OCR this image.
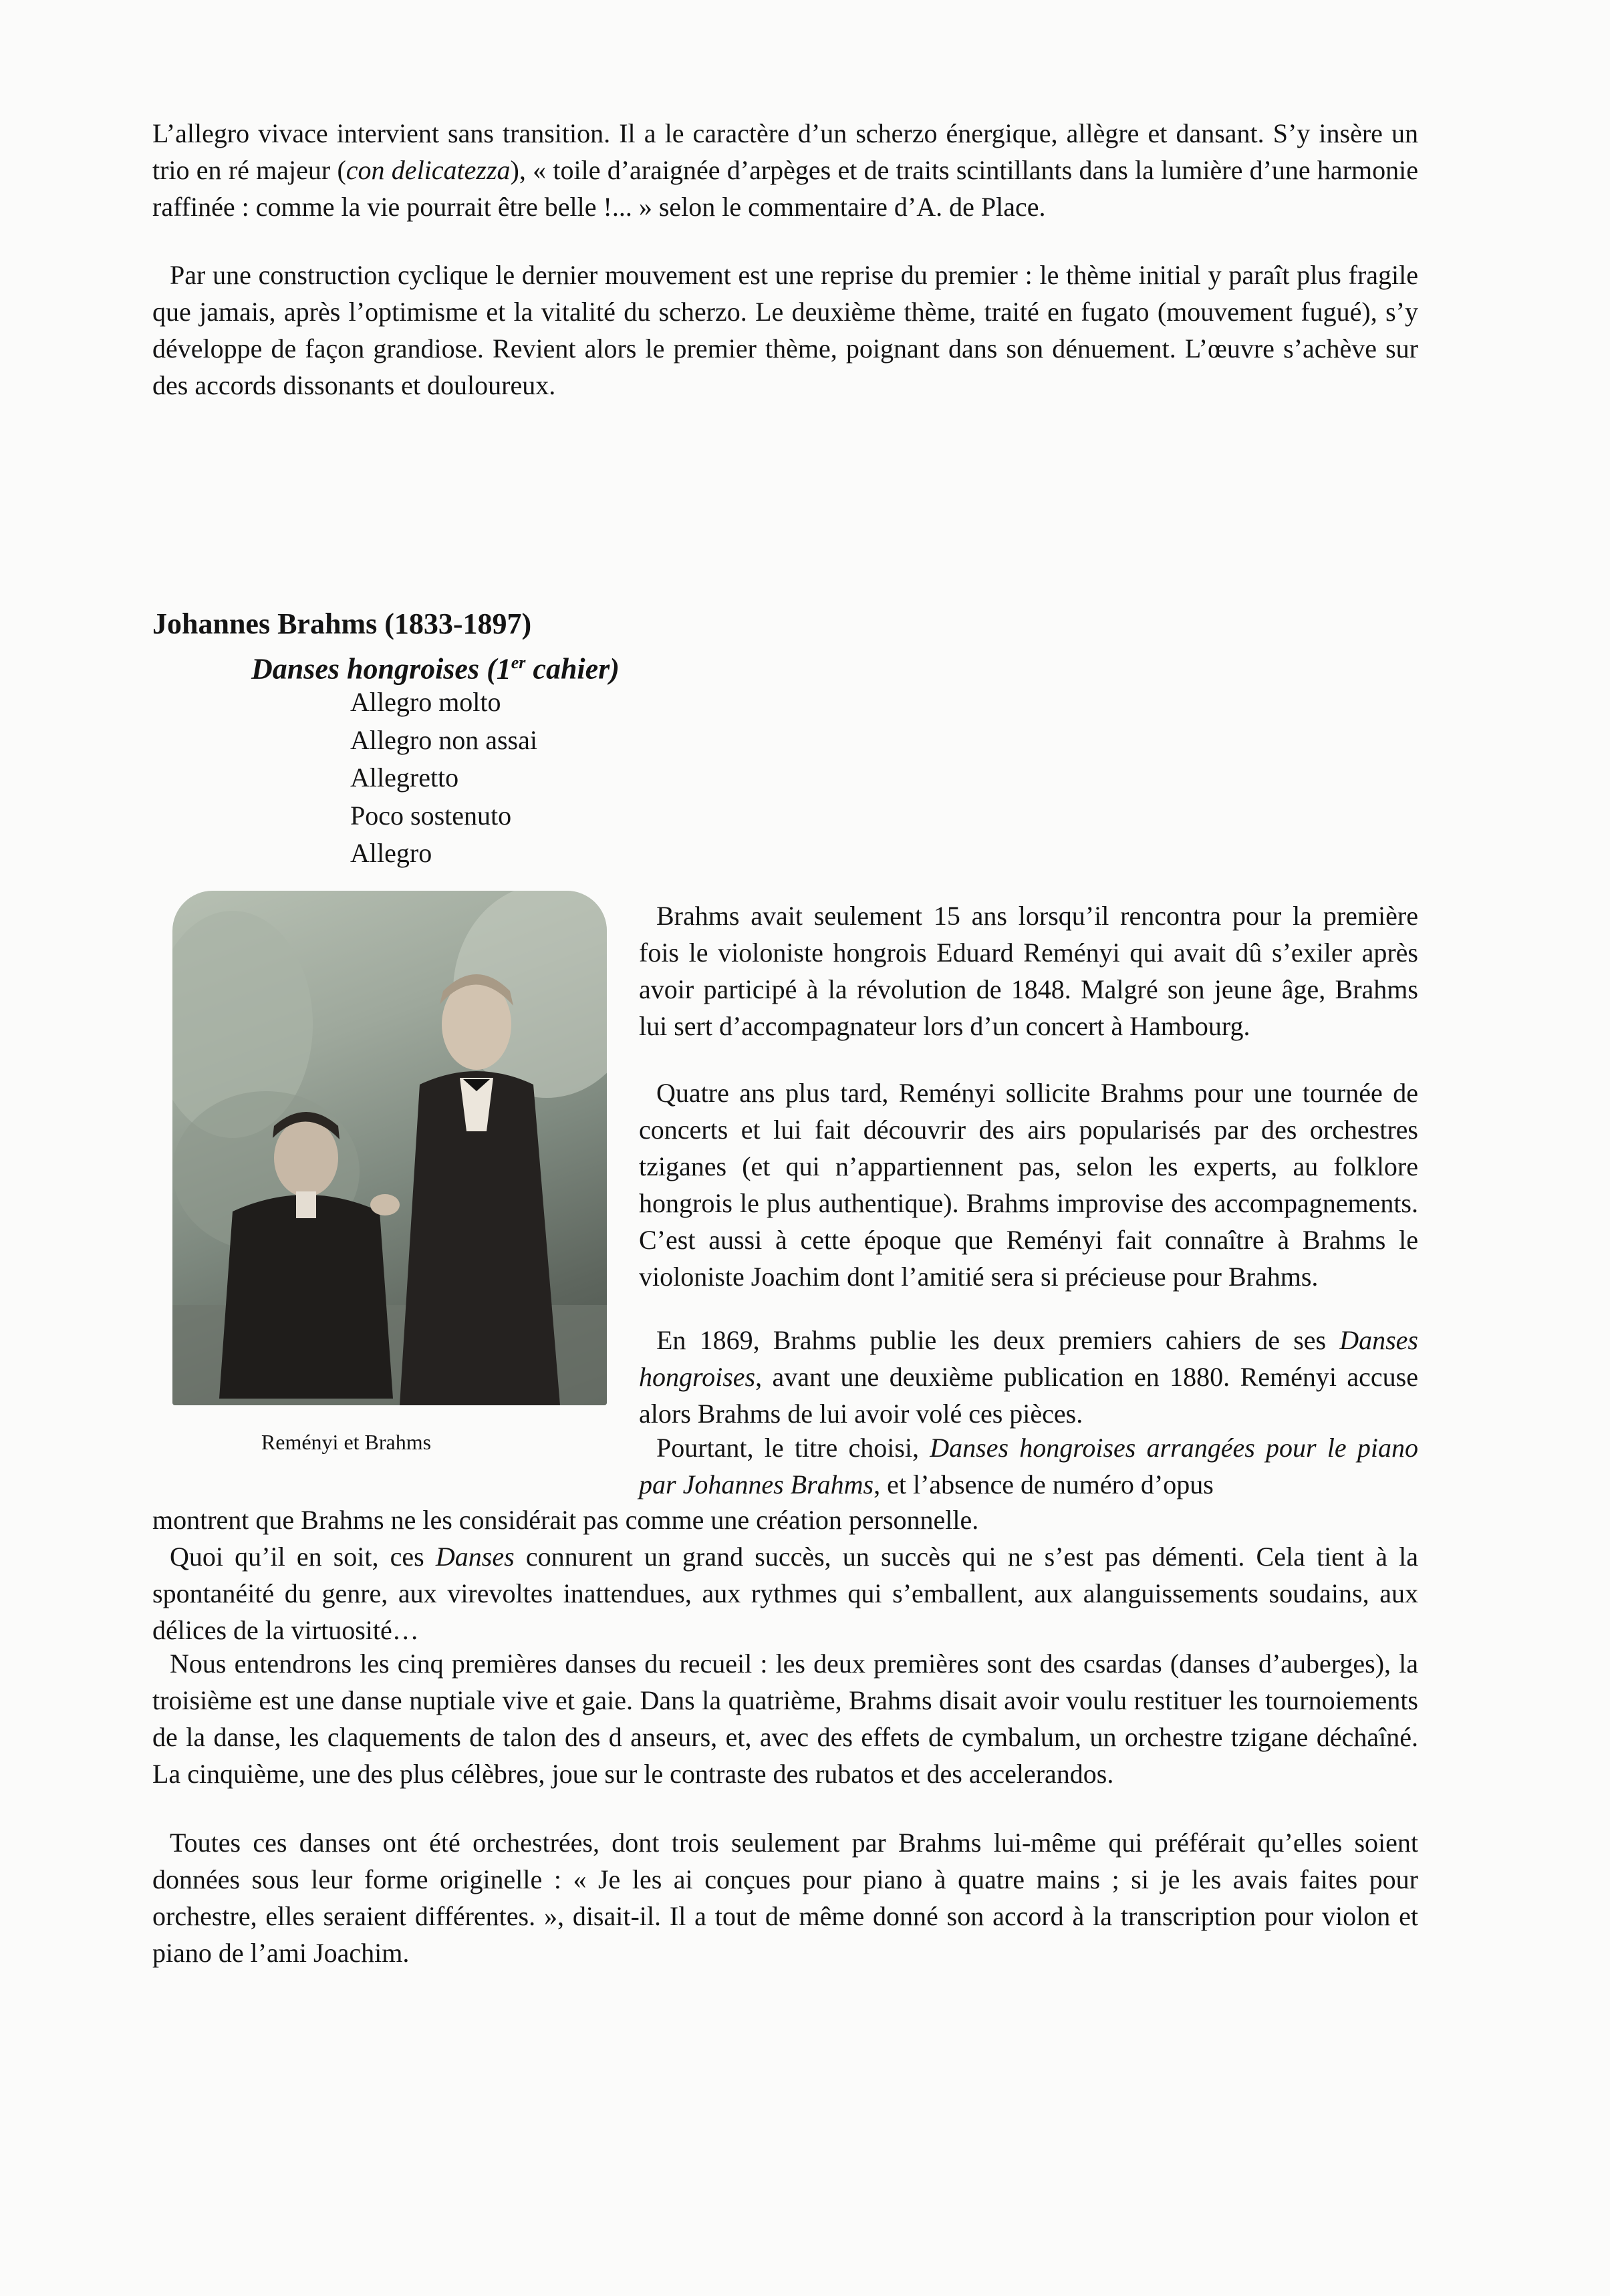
L’allegro vivace intervient sans transition. Il a le caractère d’un scherzo énergique, allègre et dansant. S’y insère un trio en ré majeur (con delicatezza), « toile d’araignée d’arpèges et de traits scintillants dans la lumière d’une harmonie raffinée : comme la vie pourrait être belle !... » selon le commentaire d’A. de Place.

Par une construction cyclique le dernier mouvement est une reprise du premier : le thème initial y paraît plus fragile que jamais, après l’optimisme et la vitalité du scherzo. Le deuxième thème, traité en fugato (mouvement fugué), s’y développe de façon grandiose. Revient alors le premier thème, poignant dans son dénuement. L’œuvre s’achève sur des accords dissonants et douloureux.

Johannes Brahms (1833-1897)
Danses hongroises (1er cahier)
Allegro molto
Allegro non assai
Allegretto
Poco sostenuto
Allegro

Reményi et Brahms

Brahms avait seulement 15 ans lorsqu’il rencontra pour la première fois le violoniste hongrois Eduard Reményi qui avait dû s’exiler après avoir participé à la révolution de 1848. Malgré son jeune âge, Brahms lui sert d’accompagnateur lors d’un concert à Hambourg.

Quatre ans plus tard, Reményi sollicite Brahms pour une tournée de concerts et lui fait découvrir des airs popularisés par des orchestres tziganes (et qui n’appartiennent pas, selon les experts, au folklore hongrois le plus authentique). Brahms improvise des accompagnements. C’est aussi à cette époque que Reményi fait connaître à Brahms le violoniste Joachim dont l’amitié sera si précieuse pour Brahms.

En 1869, Brahms publie les deux premiers cahiers de ses Danses hongroises, avant une deuxième publication en 1880. Reményi accuse alors Brahms de lui avoir volé ces pièces.

Pourtant, le titre choisi, Danses hongroises arrangées pour le piano par Johannes Brahms, et l’absence de numéro d’opus

montrent que Brahms ne les considérait pas comme une création personnelle.

Quoi qu’il en soit, ces Danses connurent un grand succès, un succès qui ne s’est pas démenti. Cela tient à la spontanéité du genre, aux virevoltes inattendues, aux rythmes qui s’emballent, aux alanguissements soudains, aux délices de la virtuosité…

Nous entendrons les cinq premières danses du recueil : les deux premières sont des csardas (danses d’auberges), la troisième est une danse nuptiale vive et gaie. Dans la quatrième, Brahms disait avoir voulu restituer les tournoiements de la danse, les claquements de talon des d anseurs, et, avec des effets de cymbalum, un orchestre tzigane déchaîné. La cinquième, une des plus célèbres, joue sur le contraste des rubatos et des accelerandos.

Toutes ces danses ont été orchestrées, dont trois seulement par Brahms lui-même qui préférait qu’elles soient données sous leur forme originelle : « Je les ai conçues pour piano à quatre mains ; si je les avais faites pour orchestre, elles seraient différentes. », disait-il. Il a tout de même donné son accord à la transcription pour violon et piano de l’ami Joachim.
